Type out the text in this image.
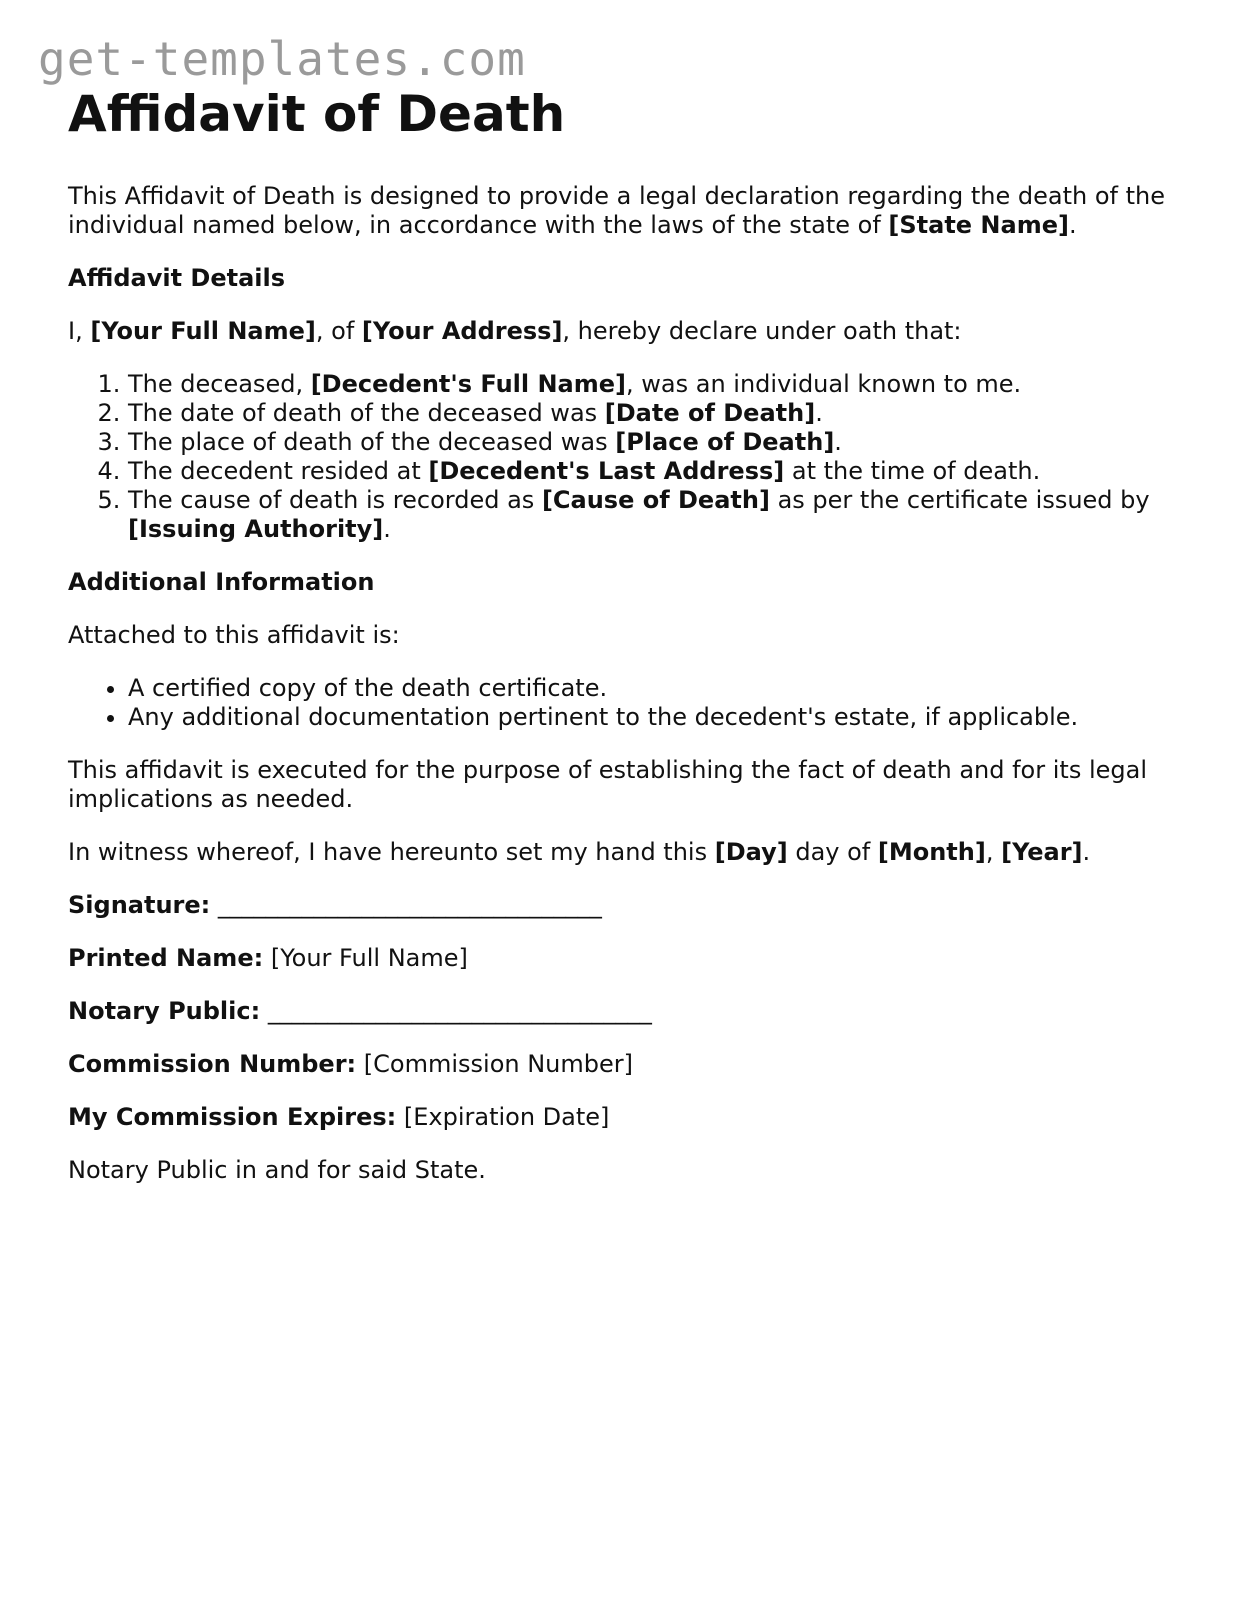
get-templates.com
Affidavit of Death

This Affidavit of Death is designed to provide a legal declaration regarding the death of the individual named below, in accordance with the laws of the state of [State Name].

Affidavit Details

I, [Your Full Name], of [Your Address], hereby declare under oath that:

1. The deceased, [Decedent's Full Name], was an individual known to me.
2. The date of death of the deceased was [Date of Death].
3. The place of death of the deceased was [Place of Death].
4. The decedent resided at [Decedent's Last Address] at the time of death.
5. The cause of death is recorded as [Cause of Death] as per the certificate issued by [Issuing Authority].
Additional Information

Attached to this affidavit is:

• A certified copy of the death certificate.
• Any additional documentation pertinent to the decedent's estate, if applicable.

This affidavit is executed for the purpose of establishing the fact of death and for its legal implications as needed.

In witness whereof, I have hereunto set my hand this [Day] day of [Month], [Year].

Signature: ________________________________
Printed Name: [Your Full Name]
Notary Public: ________________________________
Commission Number: [Commission Number]
My Commission Expires: [Expiration Date]

Notary Public in and for said State.
